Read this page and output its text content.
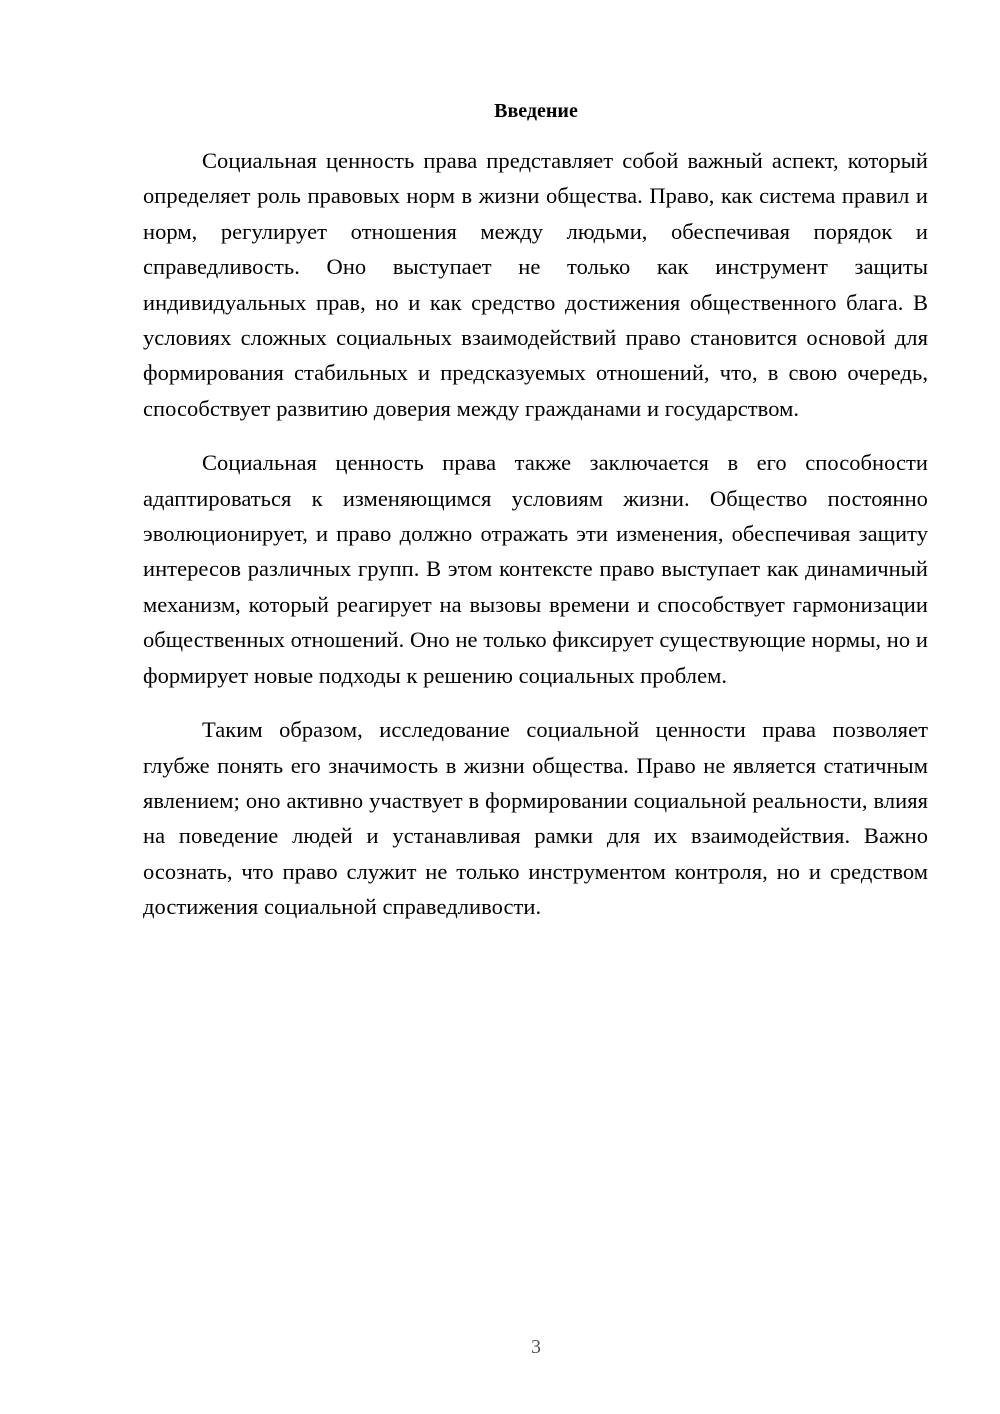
Введение

Социальная ценность права представляет собой важный аспект, который определяет роль правовых норм в жизни общества. Право, как система правил и норм, регулирует отношения между людьми, обеспечивая порядок и справедливость. Оно выступает не только как инструмент защиты индивидуальных прав, но и как средство достижения общественного блага. В условиях сложных социальных взаимодействий право становится основой для формирования стабильных и предсказуемых отношений, что, в свою очередь, способствует развитию доверия между гражданами и государством.

Социальная ценность права также заключается в его способности адаптироваться к изменяющимся условиям жизни. Общество постоянно эволюционирует, и право должно отражать эти изменения, обеспечивая защиту интересов различных групп. В этом контексте право выступает как динамичный механизм, который реагирует на вызовы времени и способствует гармонизации общественных отношений. Оно не только фиксирует существующие нормы, но и формирует новые подходы к решению социальных проблем.

Таким образом, исследование социальной ценности права позволяет глубже понять его значимость в жизни общества. Право не является статичным явлением; оно активно участвует в формировании социальной реальности, влияя на поведение людей и устанавливая рамки для их взаимодействия. Важно осознать, что право служит не только инструментом контроля, но и средством достижения социальной справедливости.

3
